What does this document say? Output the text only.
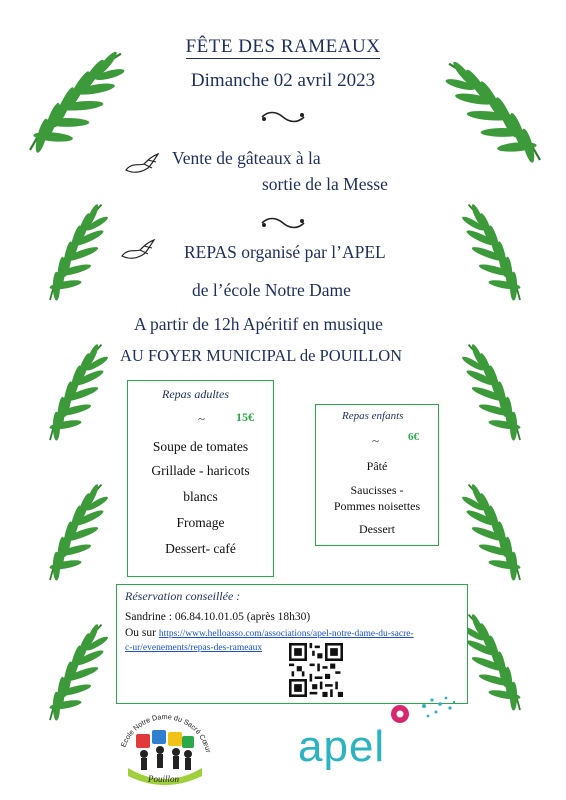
FÊTE DES RAMEAUX
Dimanche 02 avril 2023
Vente de gâteaux à la
sortie de la Messe
REPAS organisé par l’APEL
de l’école Notre Dame
A partir de 12h Apéritif en musique
AU FOYER MUNICIPAL de POUILLON
Repas adultes
~	15€
Soupe de tomates
Grillade - haricots
blancs
Fromage
Dessert- café
Repas enfants
~	6€
Pâté
Saucisses -
Pommes noisettes
Dessert
Réservation conseillée :
Sandrine : 06.84.10.01.05 (après 18h30)
Ou sur https://www.helloasso.com/associations/apel-notre-dame-du-sacre-
c-ur/evenements/repas-des-rameaux
Ecole Notre Dame du Sacré Cœur
Pouillon
apel
